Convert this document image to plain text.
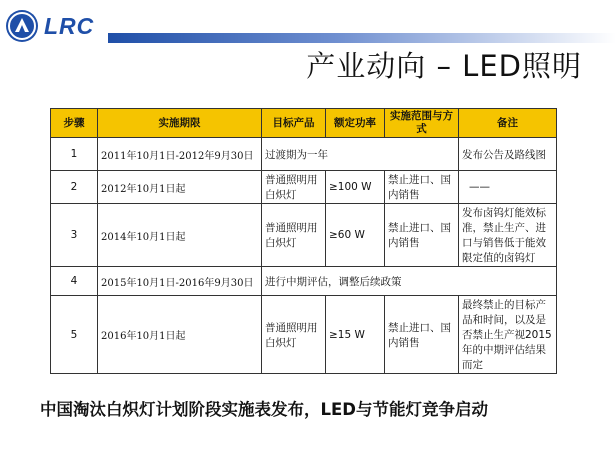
LRC
产业动向 – LED照明
步骤	实施期限	目标产品	额定功率	实施范围与方式	备注
1	2011年10月1日-2012年9月30日	过渡期为一年			发布公告及路线图
2	2012年10月1日起	普通照明用白炽灯	≥100 W	禁止进口、国内销售	——
3	2014年10月1日起	普通照明用白炽灯	≥60 W	禁止进口、国内销售	发布卤钨灯能效标准，禁止生产、进口与销售低于能效限定值的卤钨灯
4	2015年10月1日-2016年9月30日	进行中期评估，调整后续政策			
5	2016年10月1日起	普通照明用白炽灯	≥15 W	禁止进口、国内销售	最终禁止的目标产品和时间，以及是否禁止生产视2015年的中期评估结果而定
中国淘汰白炽灯计划阶段实施表发布，LED与节能灯竞争启动
